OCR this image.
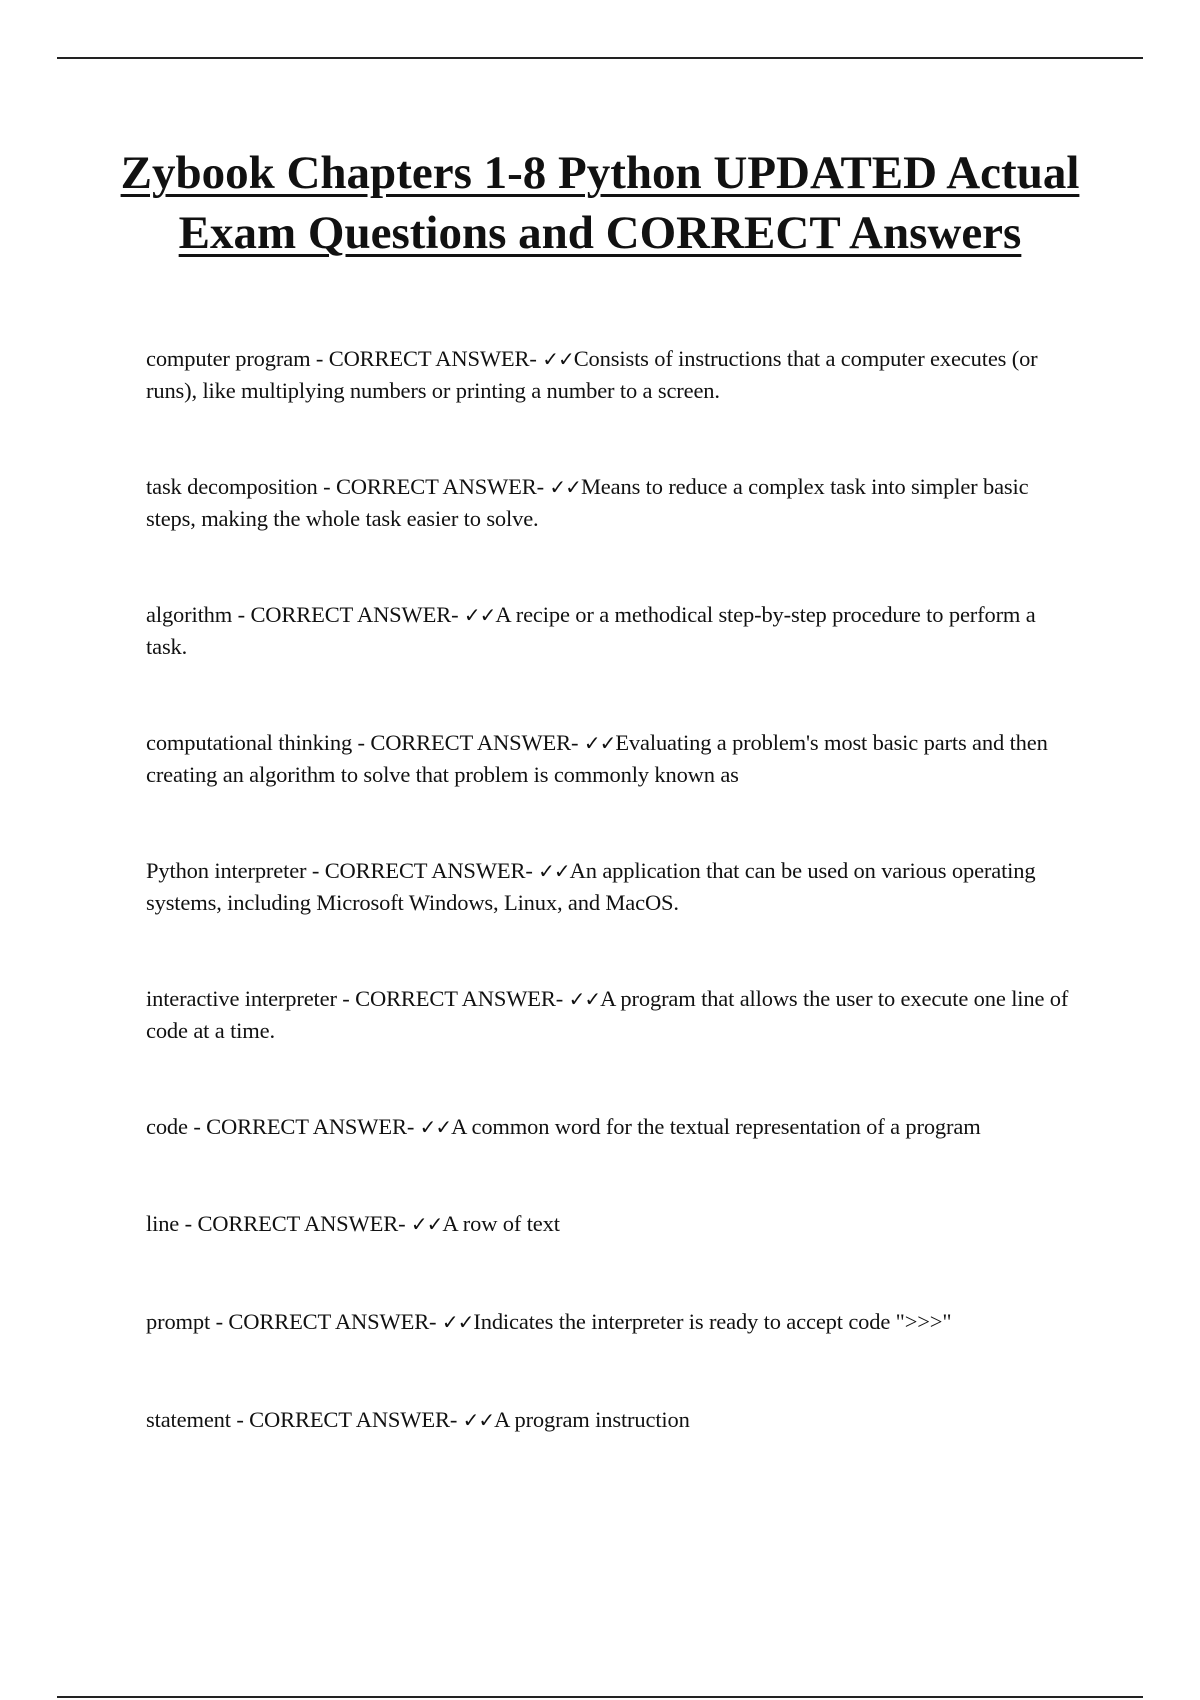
Zybook Chapters 1-8 Python UPDATED Actual Exam Questions and CORRECT Answers
computer program - CORRECT ANSWER- ✓✓Consists of instructions that a computer executes (or runs), like multiplying numbers or printing a number to a screen.
task decomposition - CORRECT ANSWER- ✓✓Means to reduce a complex task into simpler basic steps, making the whole task easier to solve.
algorithm - CORRECT ANSWER- ✓✓A recipe or a methodical step-by-step procedure to perform a task.
computational thinking - CORRECT ANSWER- ✓✓Evaluating a problem's most basic parts and then creating an algorithm to solve that problem is commonly known as
Python interpreter - CORRECT ANSWER- ✓✓An application that can be used on various operating systems, including Microsoft Windows, Linux, and MacOS.
interactive interpreter - CORRECT ANSWER- ✓✓A program that allows the user to execute one line of code at a time.
code - CORRECT ANSWER- ✓✓A common word for the textual representation of a program
line - CORRECT ANSWER- ✓✓A row of text
prompt - CORRECT ANSWER- ✓✓Indicates the interpreter is ready to accept code ">>>"
statement - CORRECT ANSWER- ✓✓A program instruction
